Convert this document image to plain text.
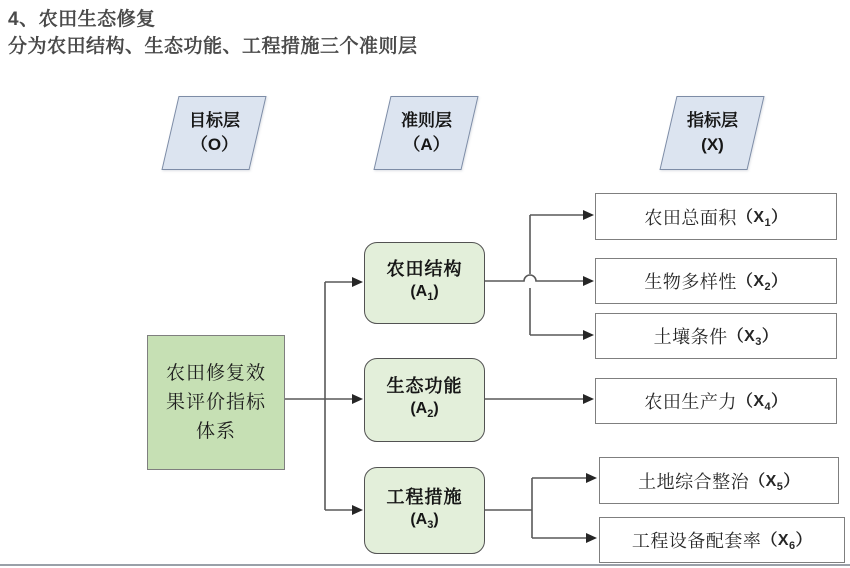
4、农田生态修复
分为农田结构、生态功能、工程措施三个准则层
目标层
（O）
准则层
（A）
指标层
(X)
农田修复效
果评价指标
体系
农田结构
$(A_1)$
生态功能
$(A_2)$
工程措施
$(A_3)$
农田总面积 $(X_1)$
生物多样性 $(X_2)$
土壤条件 $(X_3)$
农田生产力 $(X_4)$
土地综合整治 $(X_5)$
工程设备配套率 $(X_6)$
